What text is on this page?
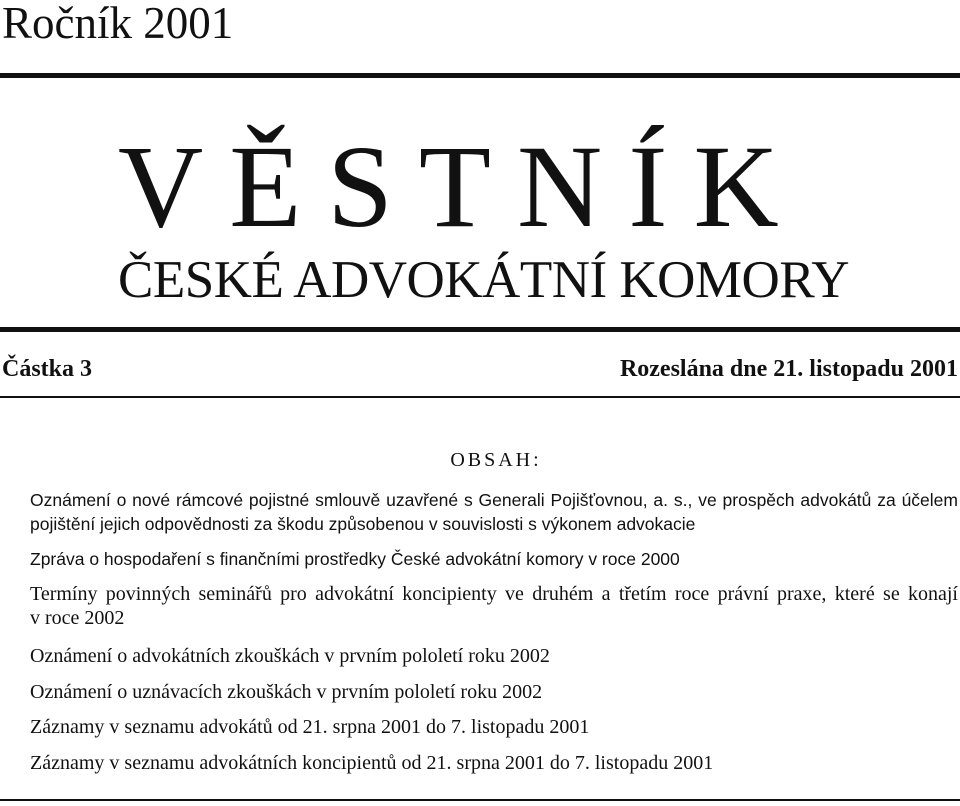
Ročník 2001
VĚSTNÍK
ČESKÉ ADVOKÁTNÍ KOMORY
Částka 3	Rozeslána dne 21. listopadu 2001
OBSAH:
Oznámení o nové rámcové pojistné smlouvě uzavřené s Generali Pojišťovnou, a. s., ve prospěch advokátů za účelem
pojištění jejich odpovědnosti za škodu způsobenou v souvislosti s výkonem advokacie
Zpráva o hospodaření s finančními prostředky České advokátní komory v roce 2000
Termíny povinných seminářů pro advokátní koncipienty ve druhém a třetím roce právní praxe, které se konají
v roce 2002
Oznámení o advokátních zkouškách v prvním pololetí roku 2002
Oznámení o uznávacích zkouškách v prvním pololetí roku 2002
Záznamy v seznamu advokátů od 21. srpna 2001 do 7. listopadu 2001
Záznamy v seznamu advokátních koncipientů od 21. srpna 2001 do 7. listopadu 2001
